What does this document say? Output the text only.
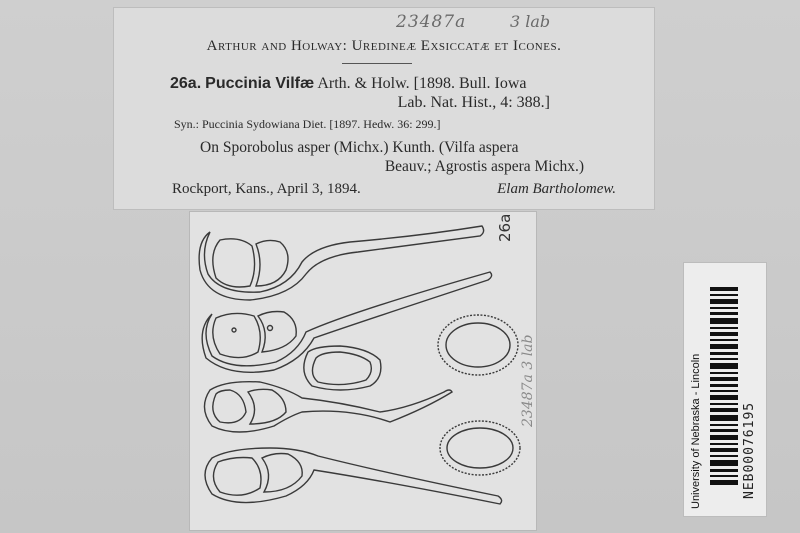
23487a	3 lab
Arthur and Holway: Uredineæ Exsiccatæ et Icones.
26a. Puccinia Vilfæ Arth. & Holw. [1898. Bull. Iowa
Lab. Nat. Hist., 4: 388.]
Syn.: Puccinia Sydowiana Diet. [1897. Hedw. 36: 299.]
On Sporobolus asper (Michx.) Kunth. (Vilfa aspera
Beauv.; Agrostis aspera Michx.)
Rockport, Kans., April 3, 1894.	Elam Bartholomew.
26a
23487a 3 lab	University of Nebraska - Lincoln	NEB00076195
